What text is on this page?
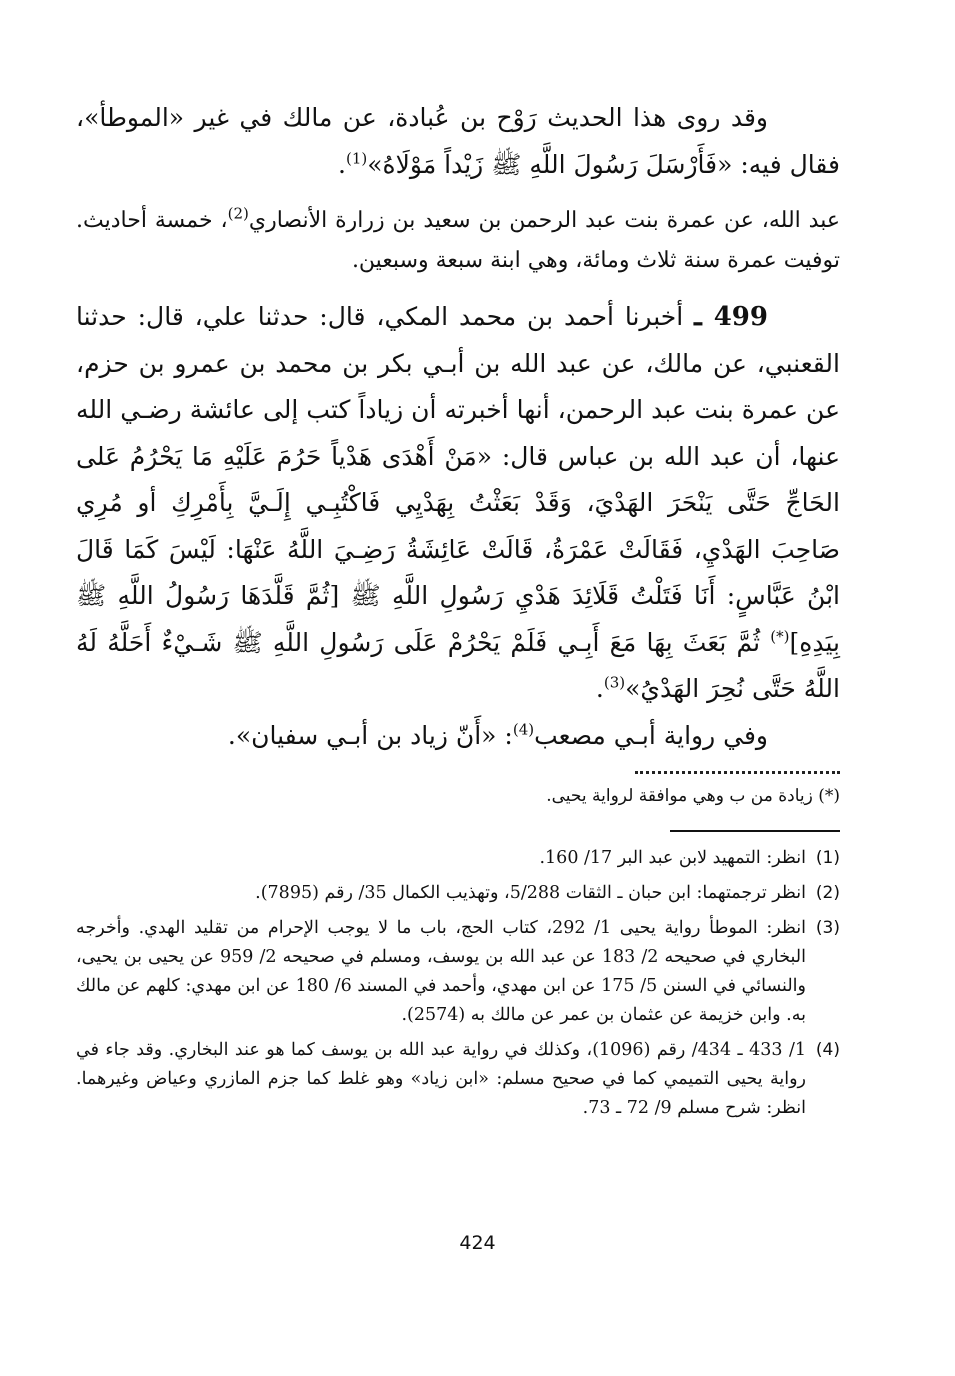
وقد روى هذا الحديث رَوْح بن عُبادة، عن مالك في غير «الموطأ»، فقال فيه: «فَأَرْسَلَ رَسُولَ اللَّهِ ﷺ زَيْداً مَوْلَاهُ»$^{(1)}$.

عبد الله، عن عمرة بنت عبد الرحمن بن سعيد بن زرارة الأنصاري$^{(2)}$، خمسة أحاديث. توفيت عمرة سنة ثلاث ومائة، وهي ابنة سبعة وسبعين.

499 ـ أخبرنا أحمد بن محمد المكي، قال: حدثنا علي، قال: حدثنا القعنبي، عن مالك، عن عبد الله بن أبـي بكر بن محمد بن عمرو بن حزم، عن عمرة بنت عبد الرحمن، أنها أخبرته أن زياداً كتب إلى عائشة رضـي الله عنها، أن عبد الله بن عباس قال: «مَنْ أَهْدَى هَدْياً حَرُمَ عَلَيْهِ مَا يَحْرُمُ عَلى الحَاجِّ حَتَّى يَنْحَرَ الهَدْيَ، وَقَدْ بَعَثْتُ بِهَدْيِي فَاكْتُبِـي إِلَـيَّ بِأَمْرِكِ أو مُرِي صَاحِبَ الهَدْيِ، فَقَالَتْ عَمْرَةُ، قَالَتْ عَائِشَةُ رَضِـيَ اللَّهُ عَنْهَا: لَيْسَ كَمَا قَالَ ابْنُ عَبَّاسٍ: أَنَا فَتَلْتُ قَلَائِدَ هَدْيِ رَسُولِ اللَّهِ ﷺ [ثُمَّ قَلَّدَهَا رَسُولُ اللَّهِ ﷺ بِيَدِهِ](*) ثُمَّ بَعَثَ بِهَا مَعَ أَبِـي فَلَمْ يَحْرُمْ عَلَى رَسُولِ اللَّهِ ﷺ شَـيْءٌ أَحَلَّهُ لَهُ اللَّهُ حَتَّى نُحِرَ الهَدْيُ»$^{(3)}$.

وفي رواية أبـي مصعب$^{(4)}$: «أَنّ زياد بن أبـي سفيان».

(*) زيادة من ب وهي موافقة لرواية يحيى.
(1)
انظر: التمهيد لابن عبد البر 17/ 160.
(2)
انظر ترجمتهما: ابن حبان ـ الثقات 5/288، وتهذيب الكمال 35/ رقم (7895).
(3)
انظر: الموطأ رواية يحيى 1/ 292، كتاب الحج، باب ما لا يوجب الإحرام من تقليد الهدي. وأخرجه البخاري في صحيحه 2/ 183 عن عبد الله بن يوسف، ومسلم في صحيحه 2/ 959 عن يحيى بن يحيى، والنسائي في السنن 5/ 175 عن ابن مهدي، وأحمد في المسند 6/ 180 عن ابن مهدي: كلهم عن مالك به. وابن خزيمة عن عثمان بن عمر عن مالك به (2574).
(4)
1/ 433 ـ 434/ رقم (1096)، وكذلك في رواية عبد الله بن يوسف كما هو عند البخاري. وقد جاء في رواية يحيى التميمي كما في صحيح مسلم: «ابن زياد» وهو غلط كما جزم المازري وعياض وغيرهما. انظر: شرح مسلم 9/ 72 ـ 73.
424
